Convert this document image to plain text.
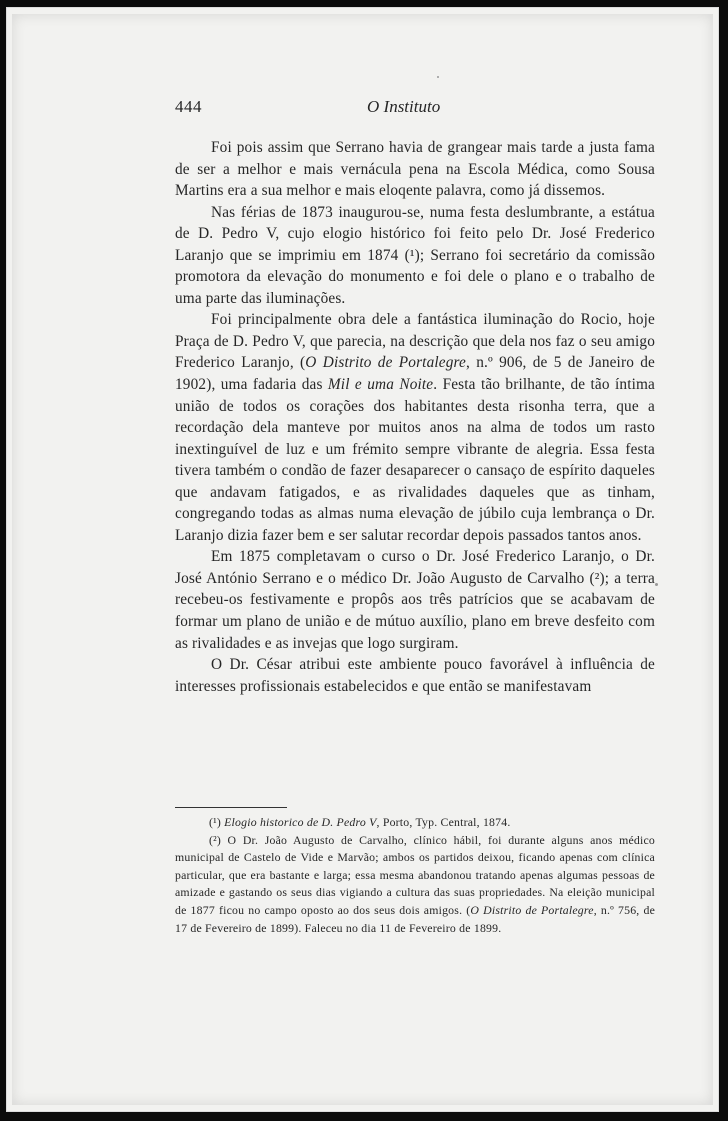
444	O Instituto

Foi pois assim que Serrano havia de grangear mais tarde a justa fama de ser a melhor e mais vernácula pena na Escola Médica, como Sousa Martins era a sua melhor e mais eloqente palavra, como já dissemos.

Nas férias de 1873 inaugurou-se, numa festa deslumbrante, a estátua de D. Pedro V, cujo elogio histórico foi feito pelo Dr. José Frederico Laranjo que se imprimiu em 1874 (¹); Serrano foi secretário da comissão promotora da elevação do monumento e foi dele o plano e o trabalho de uma parte das iluminações.

Foi principalmente obra dele a fantástica iluminação do Rocio, hoje Praça de D. Pedro V, que parecia, na descrição que dela nos faz o seu amigo Frederico Laranjo, (O Distrito de Portalegre, n.º 906, de 5 de Janeiro de 1902), uma fadaria das Mil e uma Noite. Festa tão brilhante, de tão íntima união de todos os corações dos habitantes desta risonha terra, que a recordação dela manteve por muitos anos na alma de todos um rasto inextinguível de luz e um frémito sempre vibrante de alegria. Essa festa tivera também o condão de fazer desaparecer o cansaço de espírito daqueles que andavam fatigados, e as rivalidades daqueles que as tinham, congregando todas as almas numa elevação de júbilo cuja lembrança o Dr. Laranjo dizia fazer bem e ser salutar recordar depois passados tantos anos.

Em 1875 completavam o curso o Dr. José Frederico Laranjo, o Dr. José António Serrano e o médico Dr. João Augusto de Carvalho (²); a terra recebeu-os festivamente e propôs aos três patrícios que se acabavam de formar um plano de união e de mútuo auxílio, plano em breve desfeito com as rivalidades e as invejas que logo surgiram.

O Dr. César atribui este ambiente pouco favorável à influência de interesses profissionais estabelecidos e que então se manifestavam

(¹) Elogio historico de D. Pedro V, Porto, Typ. Central, 1874.

(²) O Dr. João Augusto de Carvalho, clínico hábil, foi durante alguns anos médico municipal de Castelo de Vide e Marvão; ambos os partidos deixou, ficando apenas com clínica particular, que era bastante e larga; essa mesma abandonou tratando apenas algumas pessoas de amizade e gastando os seus dias vigiando a cultura das suas propriedades. Na eleição municipal de 1877 ficou no campo oposto ao dos seus dois amigos. (O Distrito de Portalegre, n.º 756, de 17 de Fevereiro de 1899). Faleceu no dia 11 de Fevereiro de 1899.
